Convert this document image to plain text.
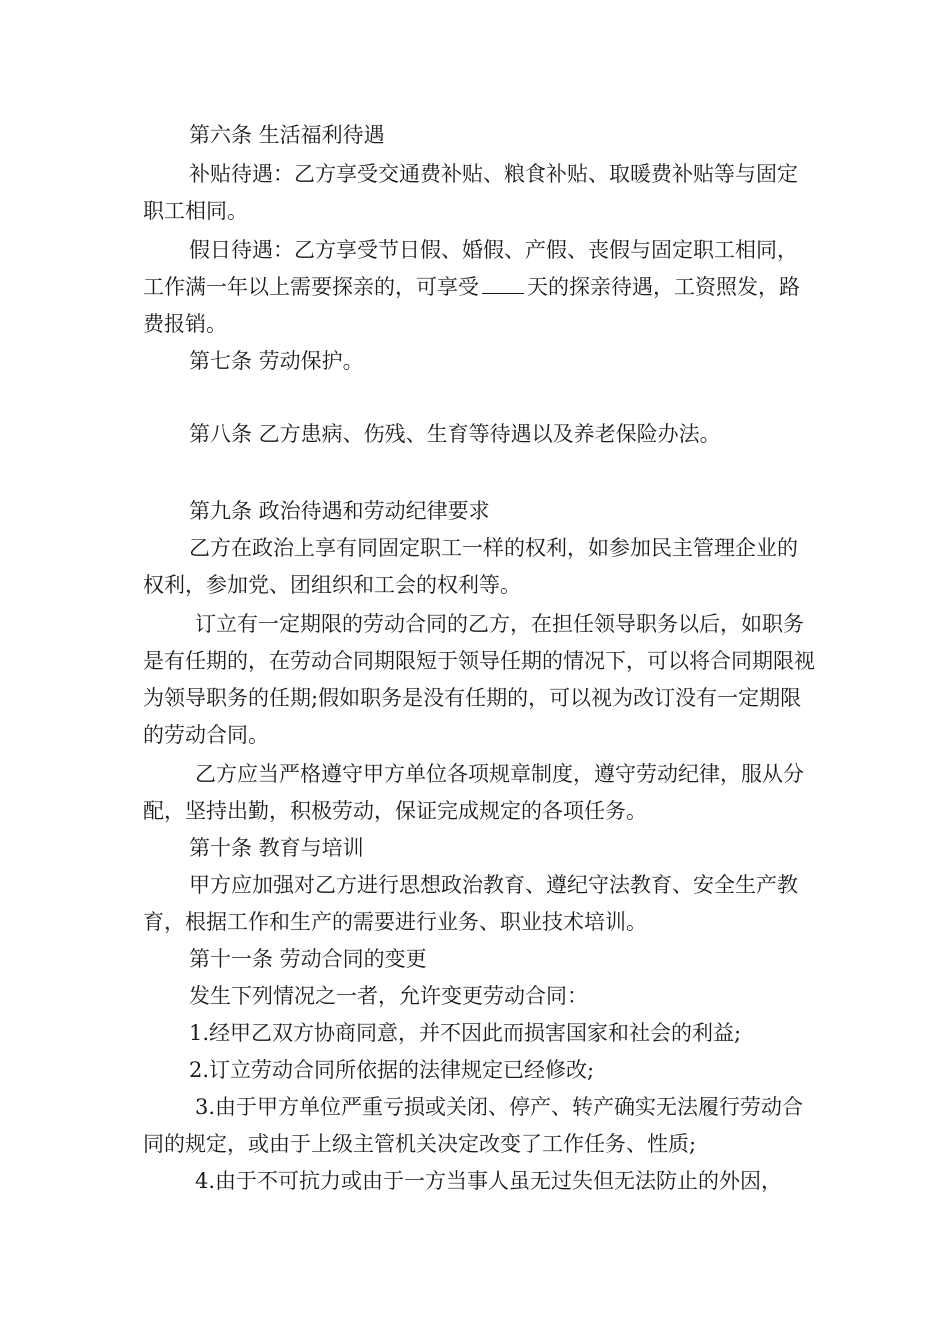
第六条 生活福利待遇

补贴待遇：乙方享受交通费补贴、粮食补贴、取暖费补贴等与固定职工相同。

假日待遇：乙方享受节日假、婚假、产假、丧假与固定职工相同，工作满一年以上需要探亲的，可享受 天的探亲待遇，工资照发，路费报销。

第七条 劳动保护。

第八条 乙方患病、伤残、生育等待遇以及养老保险办法。

第九条 政治待遇和劳动纪律要求

乙方在政治上享有同固定职工一样的权利，如参加民主管理企业的权利，参加党、团组织和工会的权利等。

订立有一定期限的劳动合同的乙方，在担任领导职务以后，如职务是有任期的，在劳动合同期限短于领导任期的情况下，可以将合同期限视为领导职务的任期;假如职务是没有任期的，可以视为改订没有一定期限的劳动合同。

乙方应当严格遵守甲方单位各项规章制度，遵守劳动纪律，服从分配，坚持出勤，积极劳动，保证完成规定的各项任务。

第十条 教育与培训

甲方应加强对乙方进行思想政治教育、遵纪守法教育、安全生产教育，根据工作和生产的需要进行业务、职业技术培训。

第十一条 劳动合同的变更

发生下列情况之一者，允许变更劳动合同：

1.经甲乙双方协商同意，并不因此而损害国家和社会的利益;

2.订立劳动合同所依据的法律规定已经修改;

3.由于甲方单位严重亏损或关闭、停产、转产确实无法履行劳动合同的规定，或由于上级主管机关决定改变了工作任务、性质;

4.由于不可抗力或由于一方当事人虽无过失但无法防止的外因，
